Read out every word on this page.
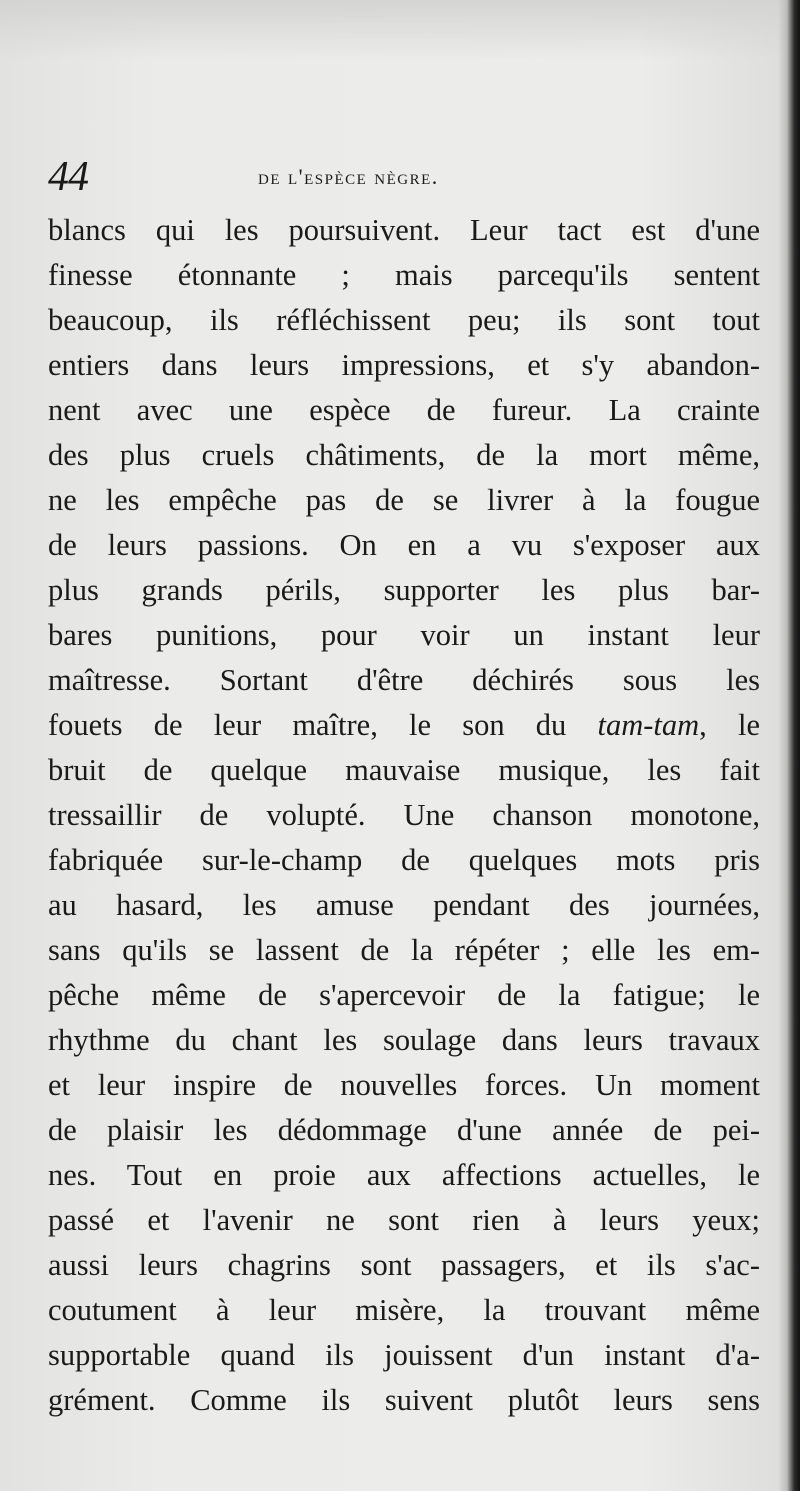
44	de l'espèce nègre.
blancs qui les poursuivent. Leur tact est d'une
finesse étonnante ; mais parcequ'ils sentent
beaucoup, ils réfléchissent peu; ils sont tout
entiers dans leurs impressions, et s'y abandon-
nent avec une espèce de fureur. La crainte
des plus cruels châtiments, de la mort même,
ne les empêche pas de se livrer à la fougue
de leurs passions. On en a vu s'exposer aux
plus grands périls, supporter les plus bar-
bares punitions, pour voir un instant leur
maîtresse. Sortant d'être déchirés sous les
fouets de leur maître, le son du tam-tam, le
bruit de quelque mauvaise musique, les fait
tressaillir de volupté. Une chanson monotone,
fabriquée sur-le-champ de quelques mots pris
au hasard, les amuse pendant des journées,
sans qu'ils se lassent de la répéter ; elle les em-
pêche même de s'apercevoir de la fatigue; le
rhythme du chant les soulage dans leurs travaux
et leur inspire de nouvelles forces. Un moment
de plaisir les dédommage d'une année de pei-
nes. Tout en proie aux affections actuelles, le
passé et l'avenir ne sont rien à leurs yeux;
aussi leurs chagrins sont passagers, et ils s'ac-
coutument à leur misère, la trouvant même
supportable quand ils jouissent d'un instant d'a-
grément. Comme ils suivent plutôt leurs sens
